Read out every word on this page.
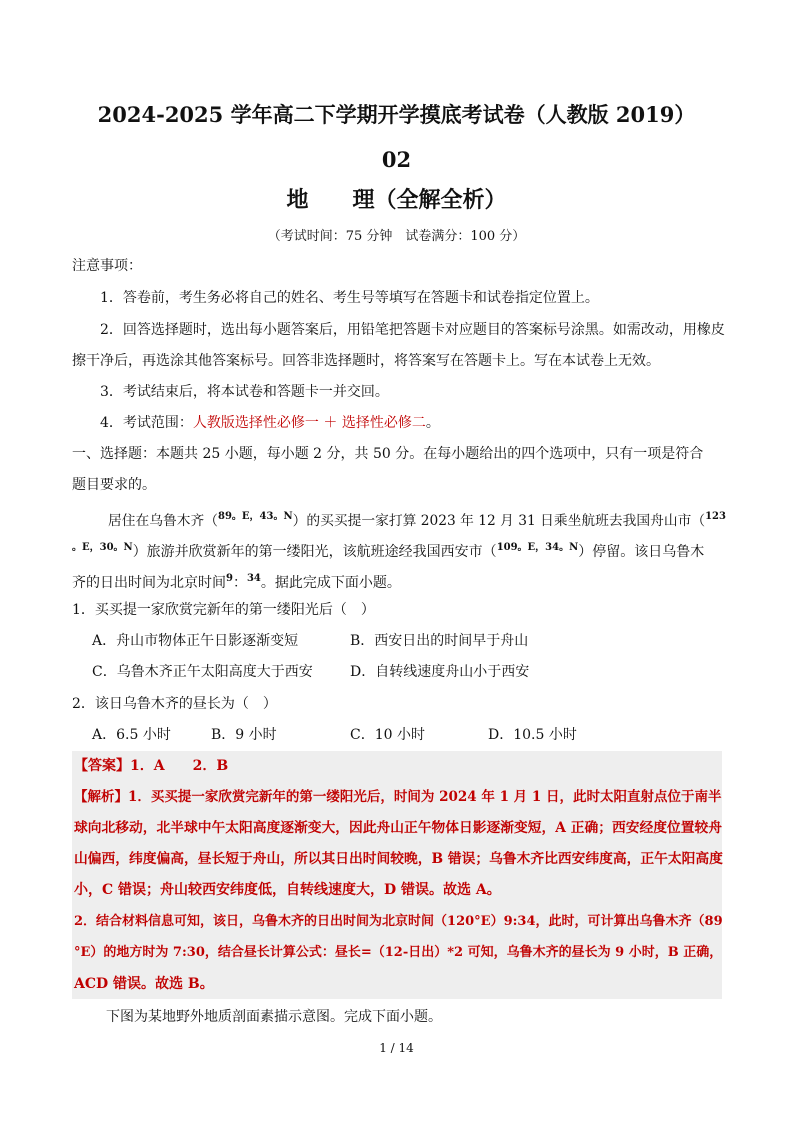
2024-2025 学年高二下学期开学摸底考试卷（人教版 2019）
02
地　　理（全解全析）
（考试时间：75 分钟　试卷满分：100 分）
注意事项：
1．答卷前，考生务必将自己的姓名、考生号等填写在答题卡和试卷指定位置上。
2．回答选择题时，选出每小题答案后，用铅笔把答题卡对应题目的答案标号涂黑。如需改动，用橡皮
擦干净后，再选涂其他答案标号。回答非选择题时，将答案写在答题卡上。写在本试卷上无效。
3．考试结束后，将本试卷和答题卡一并交回。
4．考试范围：人教版选择性必修一 ＋ 选择性必修二。
一、选择题：本题共 25 小题，每小题 2 分，共 50 分。在每小题给出的四个选项中，只有一项是符合
题目要求的。
居住在乌鲁木齐（$^{89。E,43。N}$）的买买提一家打算 2023 年 12 月 31 日乘坐航班去我国舟山市（$^{123}$
$^{。E,30。N}$）旅游并欣赏新年的第一缕阳光，该航班途经我国西安市（$^{109。E,34。N}$）停留。该日乌鲁木
齐的日出时间为北京时间$^9$：$^{34}$。据此完成下面小题。
1．买买提一家欣赏完新年的第一缕阳光后（　）
A．舟山市物体正午日影逐渐变短	B．西安日出的时间早于舟山
C．乌鲁木齐正午太阳高度大于西安	D．自转线速度舟山小于西安
2．该日乌鲁木齐的昼长为（　）
A．6.5 小时	B．9 小时	C．10 小时	D．10.5 小时
【答案】1．A　　2．B
【解析】1．买买提一家欣赏完新年的第一缕阳光后，时间为 2024 年 1 月 1 日，此时太阳直射点位于南半
球向北移动，北半球中午太阳高度逐渐变大，因此舟山正午物体日影逐渐变短，A 正确；西安经度位置较舟
山偏西，纬度偏高，昼长短于舟山，所以其日出时间较晚，B 错误；乌鲁木齐比西安纬度高，正午太阳高度
小，C 错误；舟山较西安纬度低，自转线速度大，D 错误。故选 A。
2．结合材料信息可知，该日，乌鲁木齐的日出时间为北京时间（120°E）9:34，此时，可计算出乌鲁木齐（89
°E）的地方时为 7:30，结合昼长计算公式：昼长=（12-日出）*2 可知，乌鲁木齐的昼长为 9 小时，B 正确，
ACD 错误。故选 B。
下图为某地野外地质剖面素描示意图。完成下面小题。
1 / 14
